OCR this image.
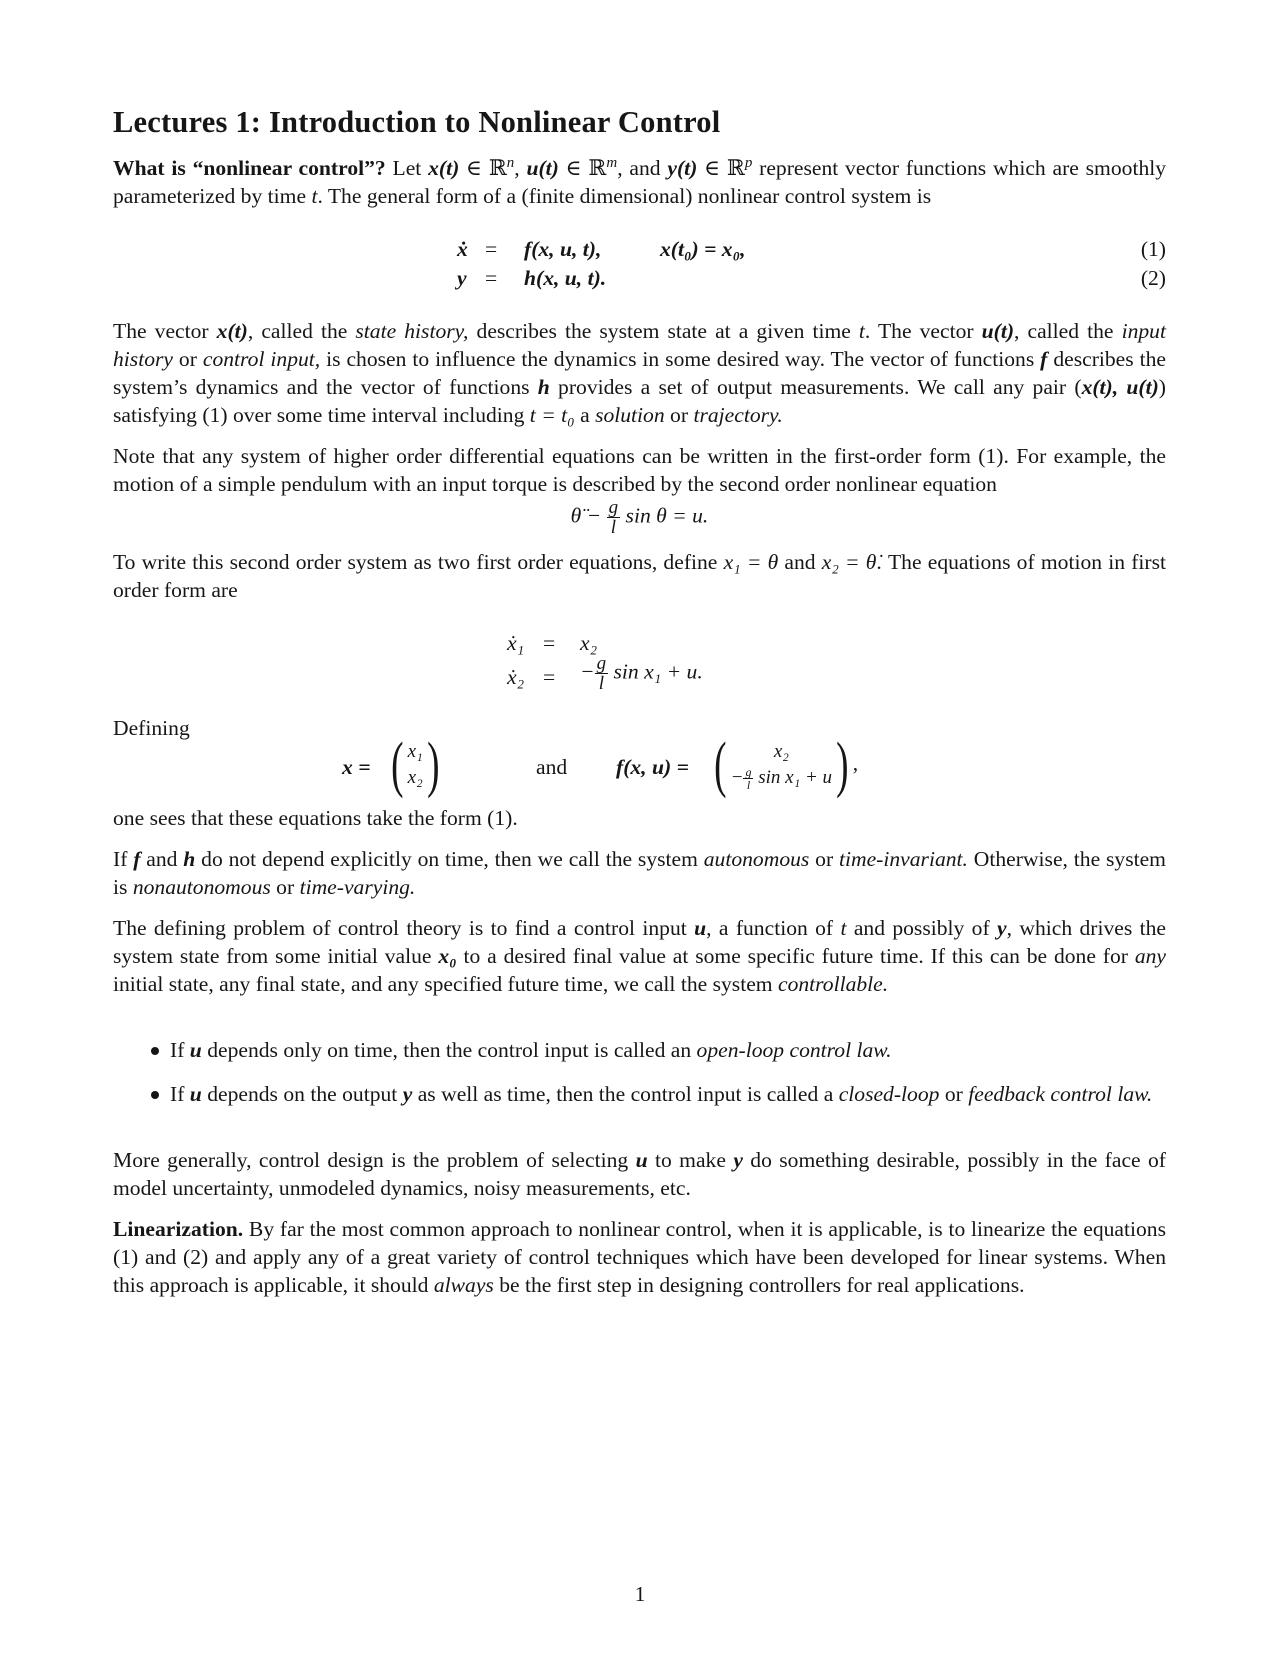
Lectures 1: Introduction to Nonlinear Control

What is “nonlinear control”? Let x(t) ∈ ℝ$^n$, u(t) ∈ ℝ$^m$, and y(t) ∈ ℝ$^p$ represent vector functions which are smoothly parameterized by time t. The general form of a (finite dimensional) nonlinear control system is

ẋ = f(x, u, t),	x(t₀) = x₀,	(1)
y = h(x, u, t).	(2)

The vector x(t), called the state history, describes the system state at a given time t. The vector u(t), called the input history or control input, is chosen to influence the dynamics in some desired way. The vector of functions f describes the system’s dynamics and the vector of functions h provides a set of output measurements. We call any pair (x(t), u(t)) satisfying (1) over some time interval including t = t₀ a solution or trajectory.

Note that any system of higher order differential equations can be written in the first-order form (1). For example, the motion of a simple pendulum with an input torque is described by the second order nonlinear equation

θ̈ − $\frac{g}{l}$ sin θ = u.

To write this second order system as two first order equations, define x₁ = θ and x₂ = θ̇. The equations of motion in first order form are

ẋ₁ = x₂
ẋ₂ = − $\frac{g}{l}$ sin x₁ + u.

Defining

x = ( x₁
x₂ )	and f(x, u) = (	x₂
− $\frac{g}{l}$ sin x₁ + u ) ,

one sees that these equations take the form (1).

If f and h do not depend explicitly on time, then we call the system autonomous or time-invariant. Otherwise, the system is nonautonomous or time-varying.

The defining problem of control theory is to find a control input u, a function of t and possibly of y, which drives the system state from some initial value x₀ to a desired final value at some specific future time. If this can be done for any initial state, any final state, and any specified future time, we call the system controllable.

If u depends only on time, then the control input is called an open-loop control law.
If u depends on the output y as well as time, then the control input is called a closed-loop or feedback control law.

More generally, control design is the problem of selecting u to make y do something desirable, possibly in the face of model uncertainty, unmodeled dynamics, noisy measurements, etc.

Linearization. By far the most common approach to nonlinear control, when it is applicable, is to linearize the equations (1) and (2) and apply any of a great variety of control techniques which have been developed for linear systems. When this approach is applicable, it should always be the first step in designing controllers for real applications.

1
